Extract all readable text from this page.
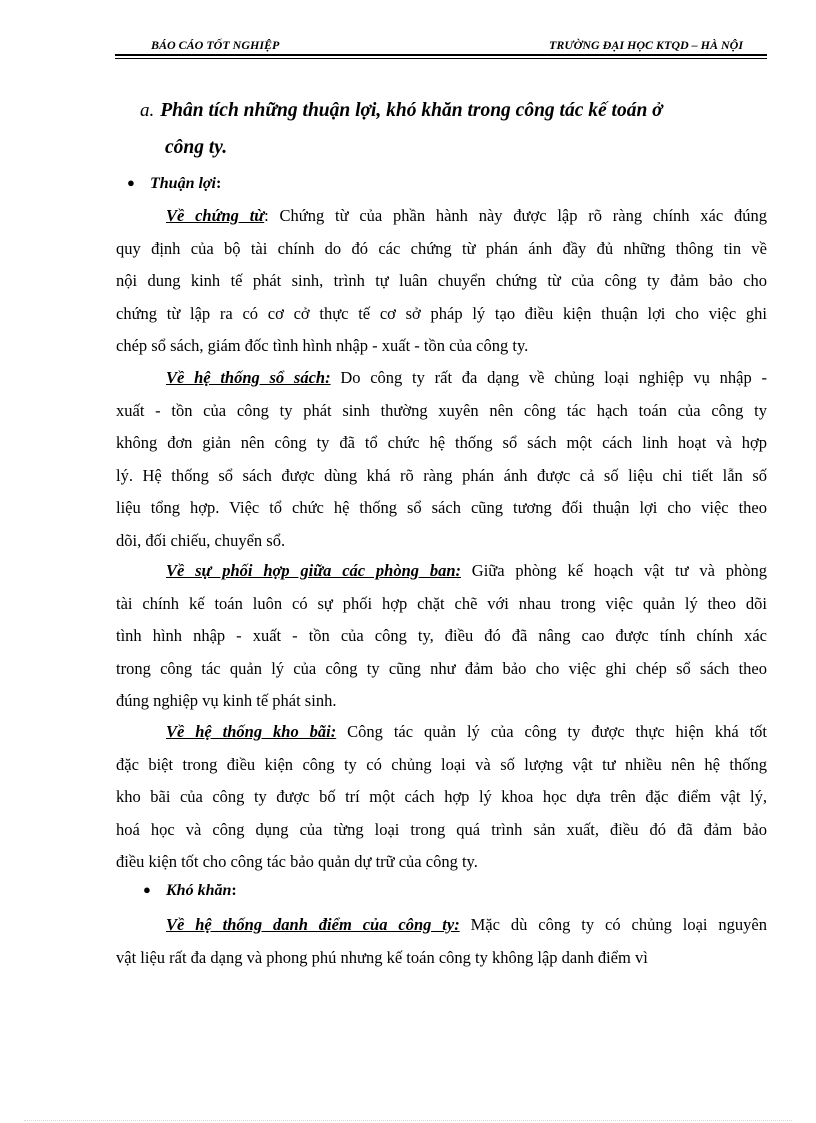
BÁO CÁO TỐT NGHIỆP	TRƯỜNG ĐẠI HỌC KTQD – HÀ NỘI
a. Phân tích những thuận lợi, khó khăn trong công tác kế toán ở
công ty.
● Thuận lợi:
Về chứng từ: Chứng từ của phần hành này được lập rõ ràng chính xác đúng
quy định của bộ tài chính do đó các chứng từ phán ánh đầy đủ những thông tin về
nội dung kinh tế phát sinh, trình tự luân chuyển chứng từ của công ty đảm bảo cho
chứng từ lập ra có cơ cở thực tế cơ sở pháp lý tạo điều kiện thuận lợi cho việc ghi
chép sổ sách, giám đốc tình hình nhập - xuất - tồn của công ty.
Về hệ thống sổ sách: Do công ty rất đa dạng về chủng loại nghiệp vụ nhập -
xuất - tồn của công ty phát sinh thường xuyên nên công tác hạch toán của công ty
không đơn giản nên công ty đã tổ chức hệ thống sổ sách một cách linh hoạt và hợp
lý. Hệ thống sổ sách được dùng khá rõ ràng phán ánh được cả số liệu chi tiết lẫn số
liệu tổng hợp. Việc tổ chức hệ thống sổ sách cũng tương đối thuận lợi cho việc theo
dõi, đối chiếu, chuyển sổ.
Về sự phối hợp giữa các phòng ban: Giữa phòng kế hoạch vật tư và phòng
tài chính kế toán luôn có sự phối hợp chặt chẽ với nhau trong việc quản lý theo dõi
tình hình nhập - xuất - tồn của công ty, điều đó đã nâng cao được tính chính xác
trong công tác quản lý của công ty cũng như đảm bảo cho việc ghi chép sổ sách theo
đúng nghiệp vụ kinh tế phát sinh.
Về hệ thống kho bãi: Công tác quản lý của công ty được thực hiện khá tốt
đặc biệt trong điều kiện công ty có chủng loại và số lượng vật tư nhiều nên hệ thống
kho bãi của công ty được bố trí một cách hợp lý khoa học dựa trên đặc điểm vật lý,
hoá học và công dụng của từng loại trong quá trình sản xuất, điều đó đã đảm bảo
điều kiện tốt cho công tác bảo quản dự trữ của công ty.
● Khó khăn:
Về hệ thống danh điểm của công ty: Mặc dù công ty có chủng loại nguyên
vật liệu rất đa dạng và phong phú nhưng kế toán công ty không lập danh điểm vì
